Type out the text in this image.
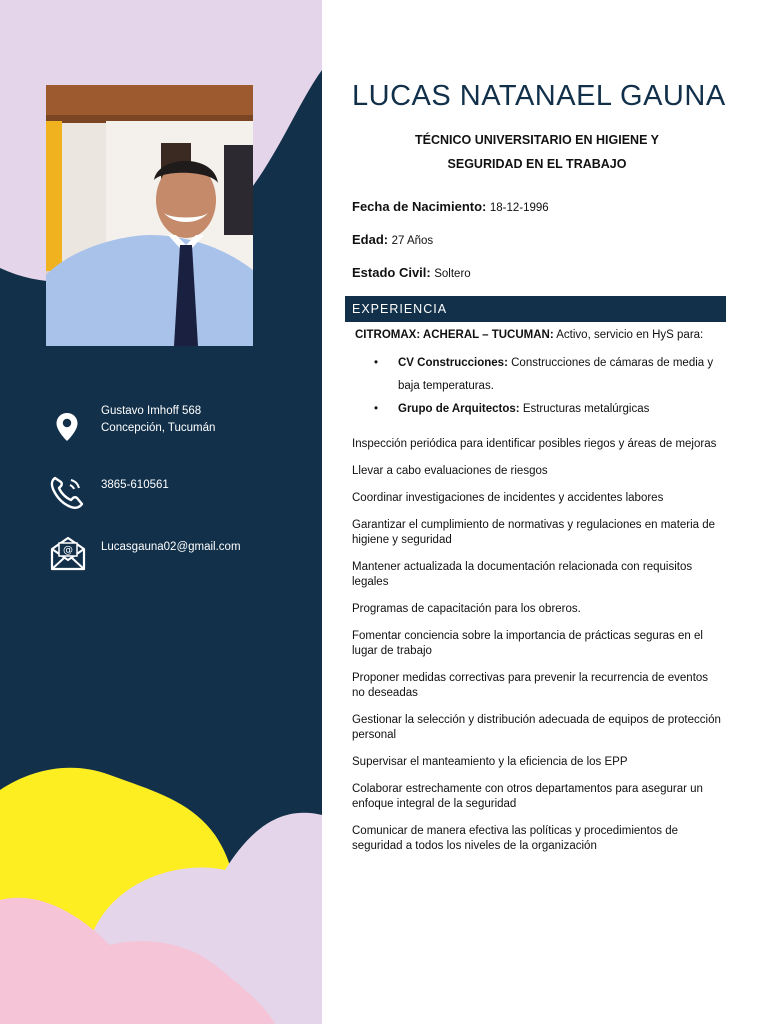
Gustavo Imhoff 568
Concepción, Tucumán
3865-610561
@ Lucasgauna02@gmail.com
LUCAS NATANAEL GAUNA
TÉCNICO UNIVERSITARIO EN HIGIENE Y
SEGURIDAD EN EL TRABAJO
Fecha de Nacimiento: 18-12-1996
Edad: 27 Años
Estado Civil: Soltero
EXPERIENCIA
CITROMAX: ACHERAL – TUCUMAN: Activo, servicio en HyS para:
• CV Construcciones: Construcciones de cámaras de media y baja temperaturas.
• Grupo de Arquitectos: Estructuras metalúrgicas
Inspección periódica para identificar posibles riegos y áreas de mejoras
Llevar a cabo evaluaciones de riesgos
Coordinar investigaciones de incidentes y accidentes labores
Garantizar el cumplimiento de normativas y regulaciones en materia de higiene y seguridad
Mantener actualizada la documentación relacionada con requisitos legales
Programas de capacitación para los obreros.
Fomentar conciencia sobre la importancia de prácticas seguras en el lugar de trabajo
Proponer medidas correctivas para prevenir la recurrencia de eventos no deseadas
Gestionar la selección y distribución adecuada de equipos de protección personal
Supervisar el manteamiento y la eficiencia de los EPP
Colaborar estrechamente con otros departamentos para asegurar un enfoque integral de la seguridad
Comunicar de manera efectiva las políticas y procedimientos de seguridad a todos los niveles de la organización
